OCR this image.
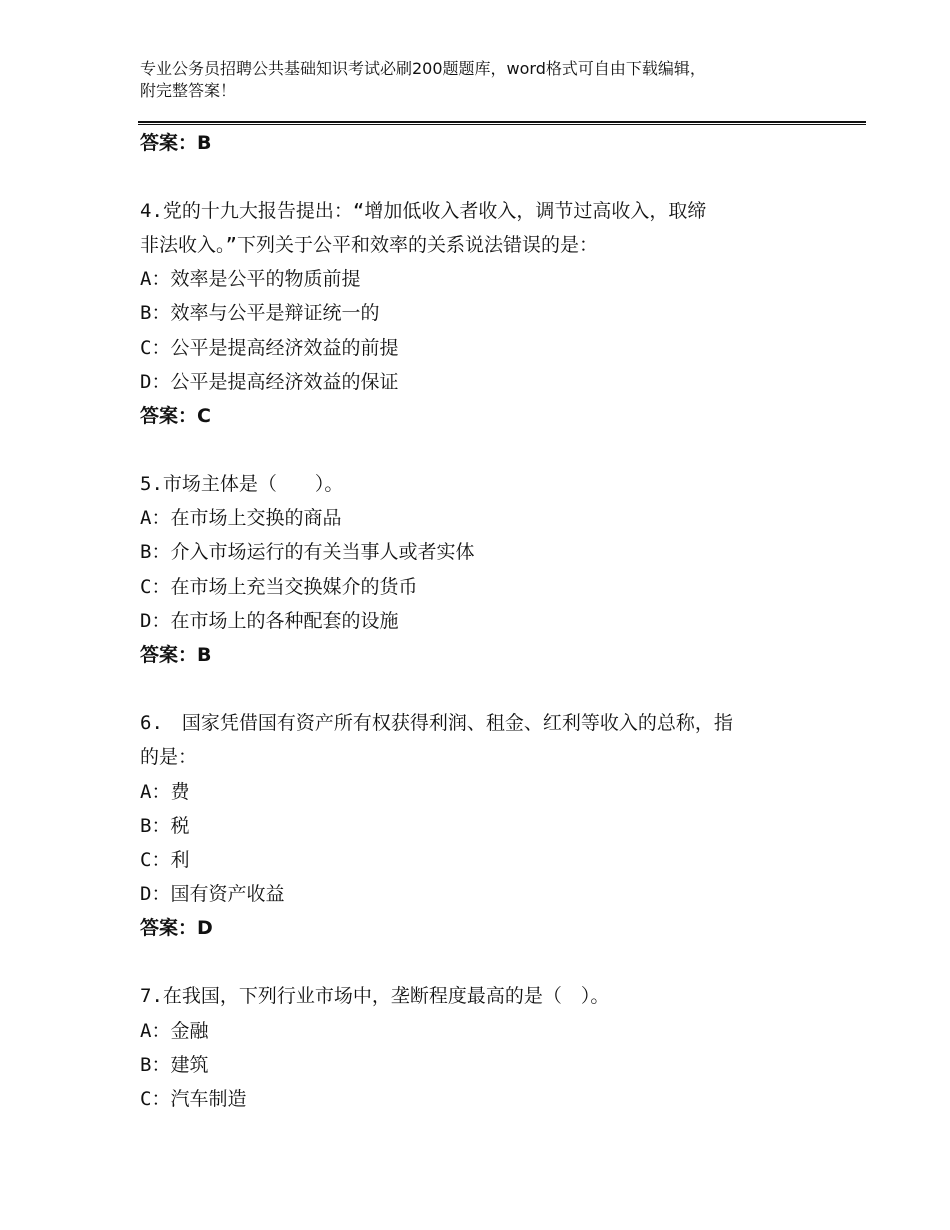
专业公务员招聘公共基础知识考试必刷200题题库，word格式可自由下载编辑，
附完整答案！
答案：B
4.党的十九大报告提出：“增加低收入者收入，调节过高收入，取缔
非法收入。”下列关于公平和效率的关系说法错误的是：
A：效率是公平的物质前提
B：效率与公平是辩证统一的
C：公平是提高经济效益的前提
D：公平是提高经济效益的保证
答案：C
5.市场主体是（　　）。
A：在市场上交换的商品
B：介入市场运行的有关当事人或者实体
C：在市场上充当交换媒介的货币
D：在市场上的各种配套的设施
答案：B
6.　国家凭借国有资产所有权获得利润、租金、红利等收入的总称，指
的是：
A：费
B：税
C：利
D：国有资产收益
答案：D
7.在我国，下列行业市场中，垄断程度最高的是（　）。
A：金融
B：建筑
C：汽车制造
